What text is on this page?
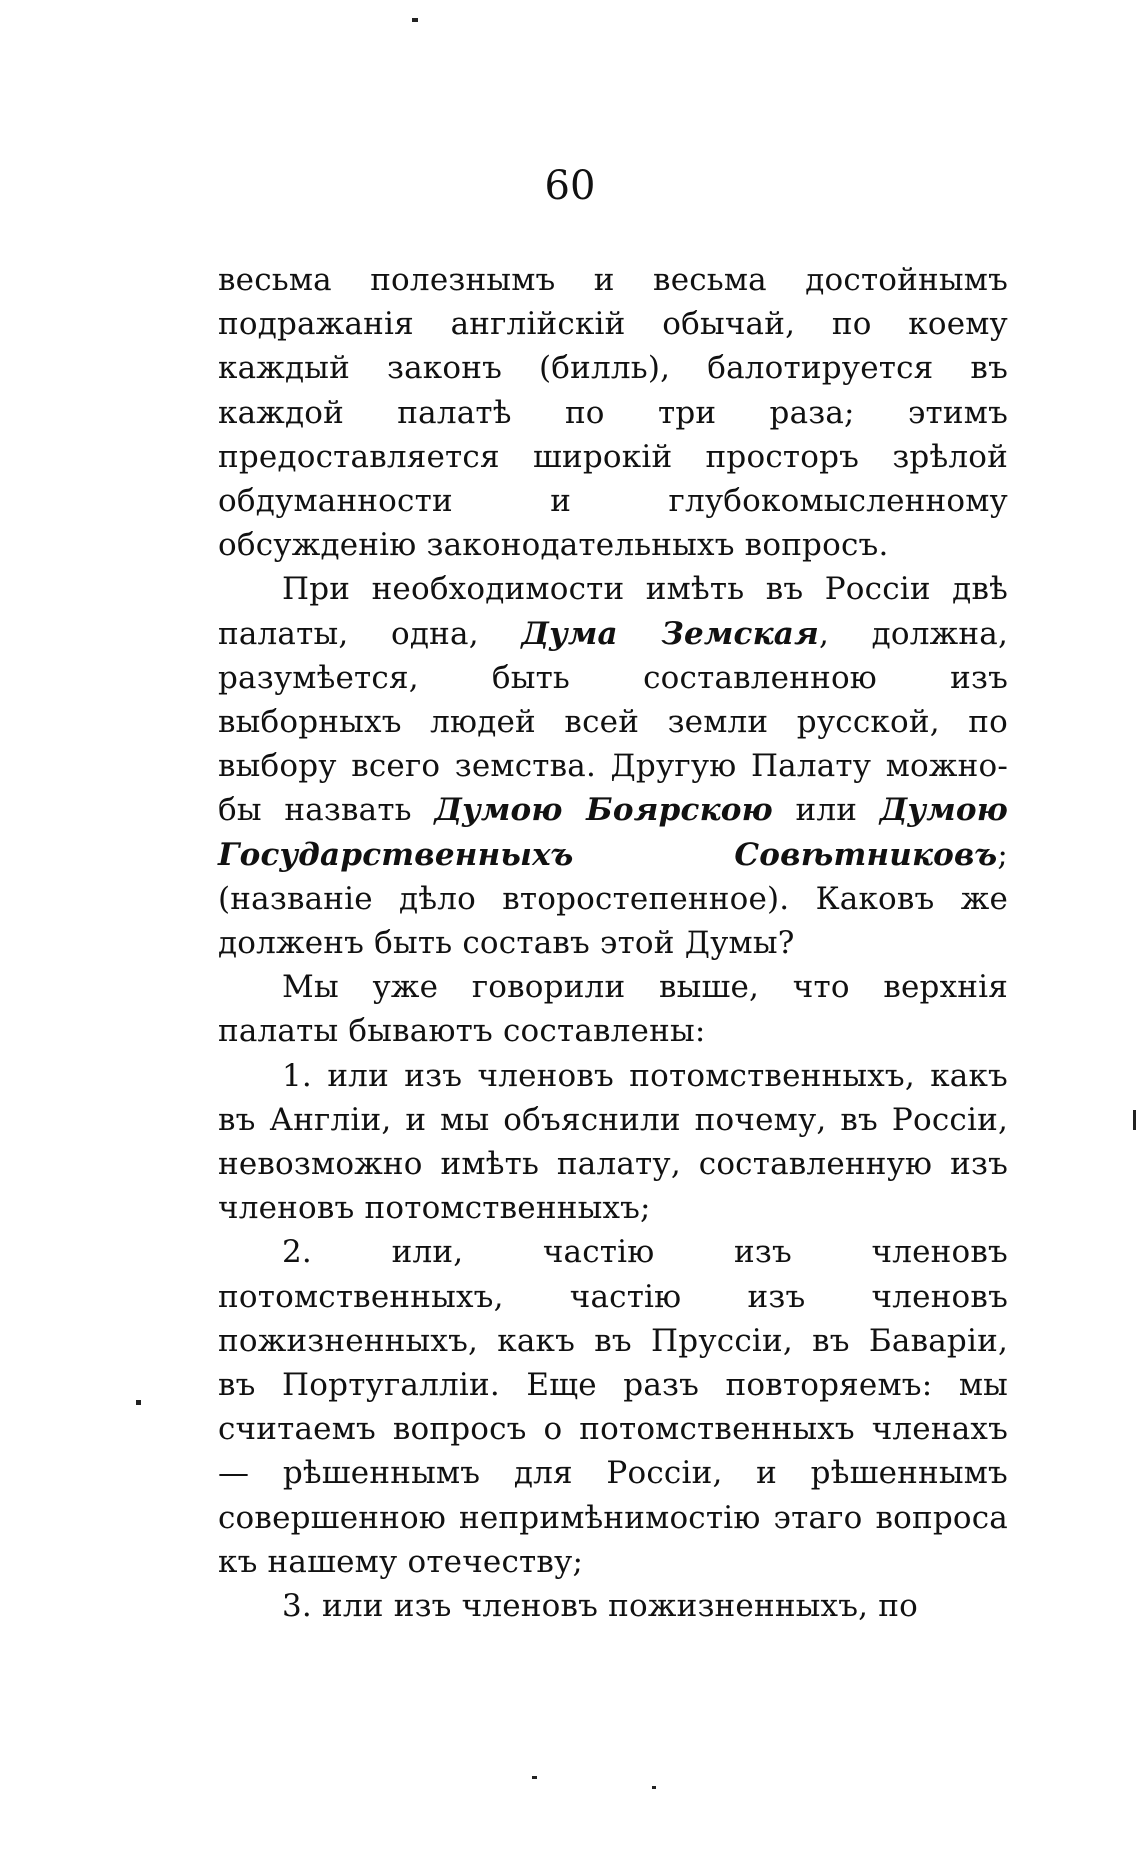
60

весьма полезнымъ и весьма достойнымъ подражанія англійскій обычай, по коему каждый законъ (билль), балотируется въ каждой палатѣ по три раза; этимъ предоставляется широкій просторъ зрѣлой обдуманности и глубокомысленному обсужденію законодательныхъ вопросъ.

При необходимости имѣть въ Россіи двѣ палаты, одна, Дума Земская, должна, разумѣется, быть составленною изъ выборныхъ людей всей земли русской, по выбору всего земства. Другую Палату можно-бы назвать Думою Боярскою или Думою Государственныхъ Совѣтниковъ; (названіе дѣло второстепенное). Каковъ же долженъ быть составъ этой Думы?

Мы уже говорили выше, что верхнія палаты бываютъ составлены:

1. или изъ членовъ потомственныхъ, какъ въ Англіи, и мы объяснили почему, въ Россіи, невозможно имѣть палату, составленную изъ членовъ потомственныхъ;

2. или, частію изъ членовъ потомственныхъ, частію изъ членовъ пожизненныхъ, какъ въ Пруссіи, въ Баваріи, въ Португалліи. Еще разъ повторяемъ: мы считаемъ вопросъ о потомственныхъ членахъ — рѣшеннымъ для Россіи, и рѣшеннымъ совершенною непримѣнимостію этаго вопроса къ нашему отечеству;

3. или изъ членовъ пожизненныхъ, по
